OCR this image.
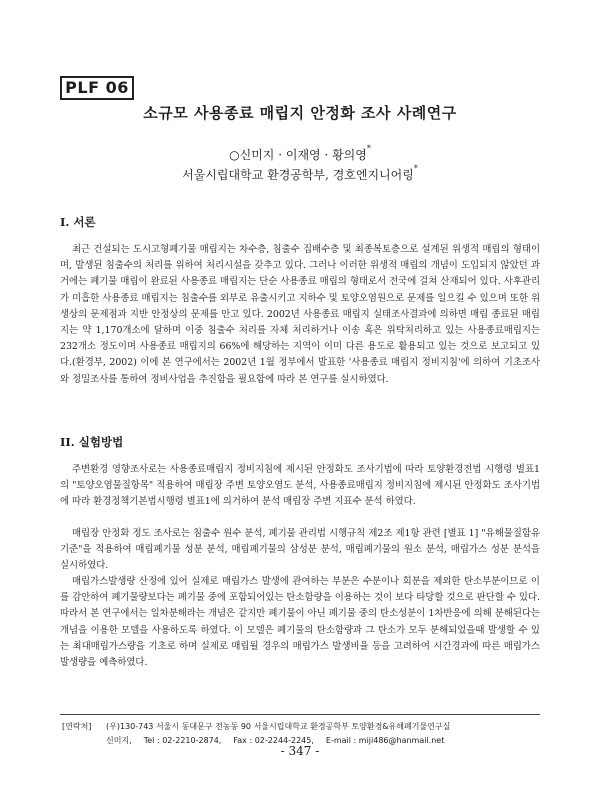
PLF 06
소규모 사용종료 매립지 안정화 조사 사례연구
○신미지 · 이재영 · 황의영*
서울시립대학교 환경공학부, 경호엔지니어링*
I. 서론

최근 건설되는 도시고형폐기물 매립지는 차수층, 침출수 집배수층 및 최종복토층으로 설계된 위생적 매립의 형태이며, 발생된 침출수의 처리를 위하여 처리시설을 갖추고 있다. 그러나 이러한 위생적 매립의 개념이 도입되지 않았던 과거에는 폐기물 매립이 완료된 사용종료 매립지는 단순 사용종료 매립의 형태로서 전국에 걸쳐 산재되어 있다. 사후관리가 미흡한 사용종료 매립지는 침출수를 외부로 유출시키고 지하수 및 토양오염원으로 문제를 일으킬 수 있으며 또한 위생상의 문제점과 지반 안정상의 문제를 안고 있다. 2002년 사용종료 매립지 실태조사결과에 의하면 매립 종료된 매립지는 약 1,170개소에 달하며 이중 침출수 처리를 자체 처리하거나 이송 혹은 위탁처리하고 있는 사용종료매립지는 232개소 정도이며 사용종료 매립지의 66%에 해당하는 지역이 이미 다른 용도로 활용되고 있는 것으로 보고되고 있다.(환경부, 2002) 이에 본 연구에서는 2002년 1월 정부에서 발표한 '사용종료 매립지 정비지침'에 의하여 기초조사와 정밀조사를 통하여 정비사업을 추진함을 필요함에 따라 본 연구를 실시하였다.

II. 실험방법

주변환경 영향조사로는 사용종료매립지 정비지침에 제시된 안정화도 조사기법에 따라 토양환경전법 시행령 별표1의 "토양오염물질항목" 적용하여 매립장 주변 토양오염도 분석, 사용종료매립지 정비지침에 제시된 안정화도 조사기법에 따라 환경정책기본법시행령 별표1에 의거하여 분석 매립장 주변 지표수 분석 하였다.

매립장 안정화 정도 조사로는 침출수 원수 분석, 폐기물 관리법 시행규칙 제2조 제1항 관련 [별표 1] "유해물질함유기준"을 적용하여 매립폐기물 성분 분석, 매립폐기물의 삼성분 분석, 매립폐기물의 원소 분석, 매립가스 성분 분석을 실시하였다.

매립가스발생량 산정에 있어 실제로 매립가스 발생에 관여하는 부분은 수분이나 회분을 제외한 탄소부분이므로 이를 감안하여 폐기물량보다는 폐기물 중에 포함되어있는 탄소함량을 이용하는 것이 보다 타당할 것으로 판단할 수 있다. 따라서 본 연구에서는 일차분해라는 개념은 같지만 폐기물이 아닌 폐기물 중의 탄소성분이 1차반응에 의해 분해된다는 개념을 이용한 모델을 사용하도록 하였다. 이 모델은 폐기물의 탄소함량과 그 탄소가 모두 분해되었을때 발생할 수 있는 최대매립가스량을 기초로 하며 실제로 매립될 경우의 매립가스 발생비율 등을 고려하여 시간경과에 따른 매립가스발생량을 예측하였다.

[연락처] (우)130-743 서울시 동대문구 전농동 90 서울시립대학교 환경공학부 토양환경&유해폐기물연구실
신미지, Tel : 02-2210-2874, Fax : 02-2244-2245, E-mail : miji486@hanmail.net
- 347 -
